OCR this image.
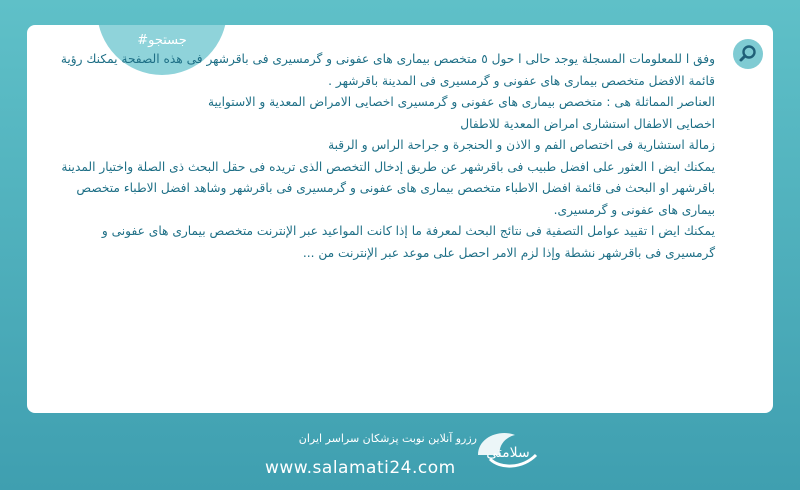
#جستجو

وفق ا للمعلومات المسجلة يوجد حالی ا حول ٥ متخصص بيماری های عفونی و گرمسيری فی باقرشهر فی هذه الصفحة يمكنك رؤية قائمة الافضل متخصص بيماری های عفونی و گرمسيری فی المدينة باقرشهر .

العناصر المماثلة هی : متخصص بيماری های عفونی و گرمسيری اخصايی الامراض المعدية و الاستوايية

اخصايی الاطفال استشاری امراض المعدية للاطفال

زمالة استشارية فی اختصاص الفم و الاذن و الحنجرة و جراحة الراس و الرقبة

يمكنك ايض ا العثور على افضل طبيب فی باقرشهر عن طريق إدخال التخصص الذی تريده فی حقل البحث ذی الصلة واختيار المدينة باقرشهر او البحث فی قائمة افضل الاطباء متخصص بيماری های عفونی و گرمسيری فی باقرشهر وشاهد افضل الاطباء متخصص بيماری های عفونی و گرمسيری.

يمكنك ايض ا تقييد عوامل التصفية فی نتائج البحث لمعرفة ما إذا كانت المواعيد عبر الإنترنت متخصص بيماری های عفونی و گرمسيری فی باقرشهر نشطة وإذا لزم الامر احصل على موعد عبر الإنترنت من ...

سلامتی
رزرو آنلاین نوبت پزشکان سراسر ایران
www.salamati24.com
